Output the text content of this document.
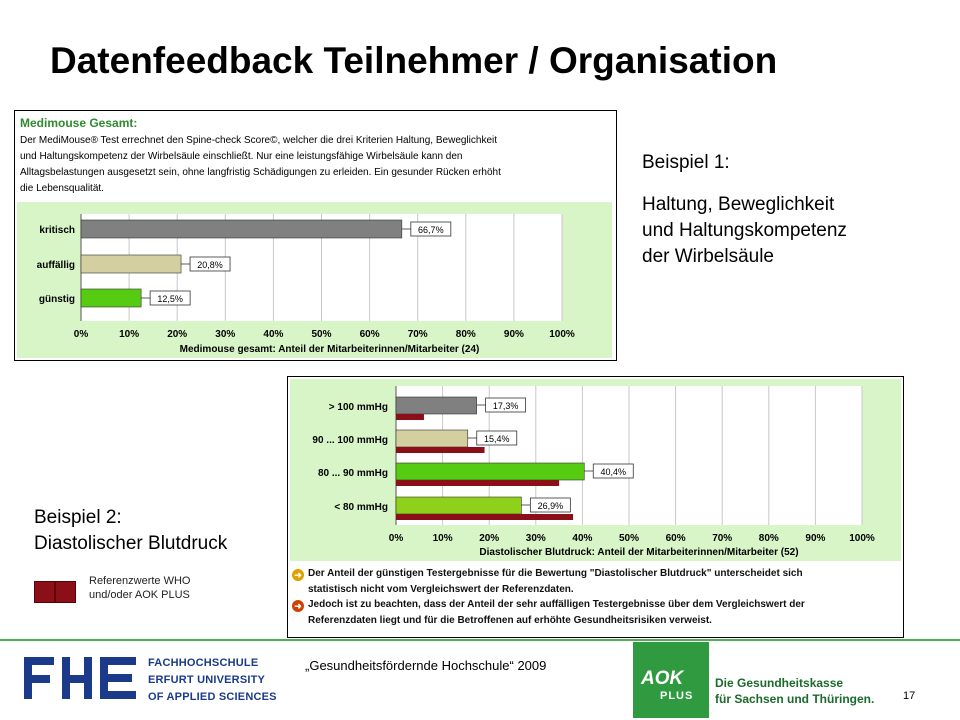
Datenfeedback Teilnehmer / Organisation
Medimouse Gesamt:
Der MediMouse® Test errechnet den Spine-check Score©, welcher die drei Kriterien Haltung, Beweglichkeit
und Haltungskompetenz der Wirbelsäule einschließt. Nur eine leistungsfähige Wirbelsäule kann den
Alltagsbelastungen ausgesetzt sein, ohne langfristig Schädigungen zu erleiden. Ein gesunder Rücken erhöht
die Lebensqualität.
0%	10%	20%	30%	40%	50%	60%	70%	80%	90%	100%
kritisch	66,7%
auffällig	20,8%
günstig	12,5%
Medimouse gesamt: Anteil der Mitarbeiterinnen/Mitarbeiter (24)
0%	10%	20%	30%	40%	50%	60%	70%	80%	90% 100%
> 100 mmHg	17,3%
90 ... 100 mmHg	15,4%
80 ... 90 mmHg	40,4%
< 80 mmHg	26,9%
Diastolischer Blutdruck: Anteil der Mitarbeiterinnen/Mitarbeiter (52)
➜ Der Anteil der günstigen Testergebnisse für die Bewertung "Diastolischer Blutdruck" unterscheidet sich
statistisch nicht vom Vergleichswert der Referenzdaten.
➜ Jedoch ist zu beachten, dass der Anteil der sehr auffälligen Testergebnisse über dem Vergleichswert der
Referenzdaten liegt und für die Betroffenen auf erhöhte Gesundheitsrisiken verweist.
Beispiel 1:
Haltung, Beweglichkeit
und Haltungskompetenz
der Wirbelsäule
Beispiel 2:
Diastolischer Blutdruck
Referenzwerte WHO
und/oder AOK PLUS
FACHHOCHSCHULE
ERFURT UNIVERSITY
OF APPLIED SCIENCES
„Gesundheitsfördernde Hochschule“ 2009
AOK
PLUS
Die Gesundheitskasse
für Sachsen und Thüringen.	17
